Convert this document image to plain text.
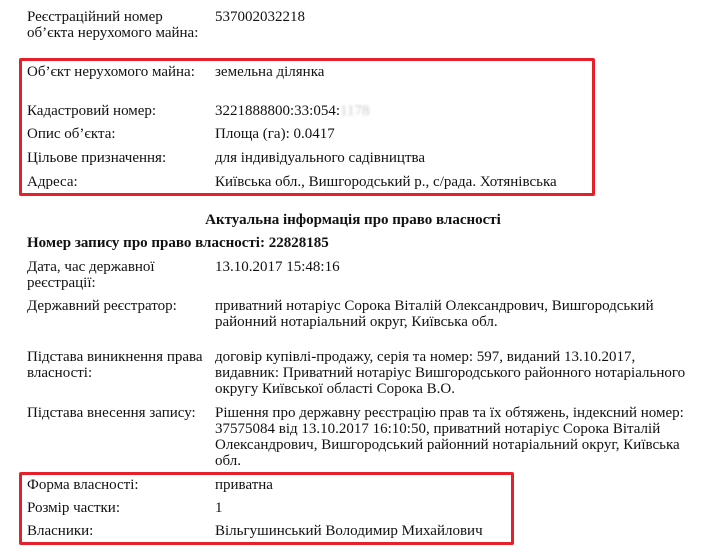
Реєстраційний номер об’єкта нерухомого майна:
537002032218
Об’єкт нерухомого майна:	земельна ділянка
Кадастровий номер:	3221888800:33:054:1178
Опис об’єкта:	Площа (га): 0.0417
Цільове призначення:	для індивідуального садівництва
Адреса:	Київська обл., Вишгородський р., с/рада. Хотянівська
Актуальна інформація про право власності
Номер запису про право власності: 22828185
Дата, час державної реєстрації:
13.10.2017 15:48:16
Державний реєстратор:	приватний нотаріус Сорока Віталій Олександрович, Вишгородський районний нотаріальний округ, Київська обл.
Підстава виникнення права власності:
договір купівлі-продажу, серія та номер: 597, виданий 13.10.2017, видавник: Приватний нотаріус Вишгородського районного нотаріального округу Київської області Сорока В.О.
Підстава внесення запису:	Рішення про державну реєстрацію прав та їх обтяжень, індексний номер: 37575084 від 13.10.2017 16:10:50, приватний нотаріус Сорока Віталій Олександрович, Вишгородський районний нотаріальний округ, Київська обл.
Форма власності:	приватна
Розмір частки:	1
Власники:	Вільгушинський Володимир Михайлович
